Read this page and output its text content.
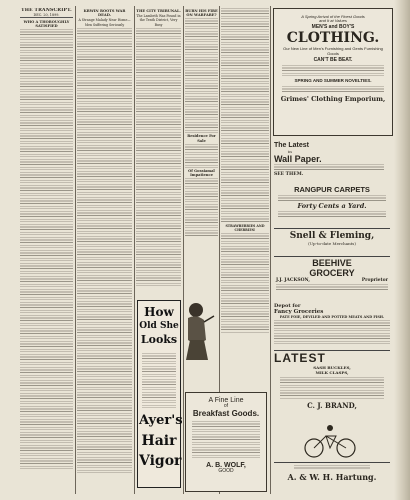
THE TRANSCRIPT.
DEC. 20, 1899.
WHO A THOROUGHLY SATISFIED
KRWIN ROOTS WAR DEAD.
A Strange Malady Near Home—Men Suffering Seriously
THE CITY TRIBUNAL.
The Lambeth Was Found in the Tenth District, Very Busy
BURN HIS FIRE ON WARFARE?
Residence For Sale
Of Gossiamal Impatience
STRAWBERRIES AND CHERRIES!
How
Old She
Looks
Ayer's
Hair
Vigor
A Fine Line
of
Breakfast Goods.
A. B. WOLF,
GOOD
A Spring Arrival of the Finest Goods
and It at Values
MEN'S and BOY'S
CLOTHING.
Our New Line of Men's Furnishing and Gents Furnishing Goods
CAN'T BE BEAT.
SPRING AND SUMMER NOVELTIES.
Grimes' Clothing Emporium,
The Latest
in
Wall Paper.
SEE THEM.
RANGPUR CARPETS
Forty Cents a Yard.
Snell & Fleming,
(Up-to-date Merchants)
BEEHIVE
GROCERY
J.J. JACKSON,	Proprietor
Depot for
Fancy Groceries
PATE FOIE, DEVILED AND POTTED MEATS AND FISH.
LATEST
SASH BUCKLES,
MILK CLASPS,
C. J. BRAND,
A. & W. H. Hartung.
